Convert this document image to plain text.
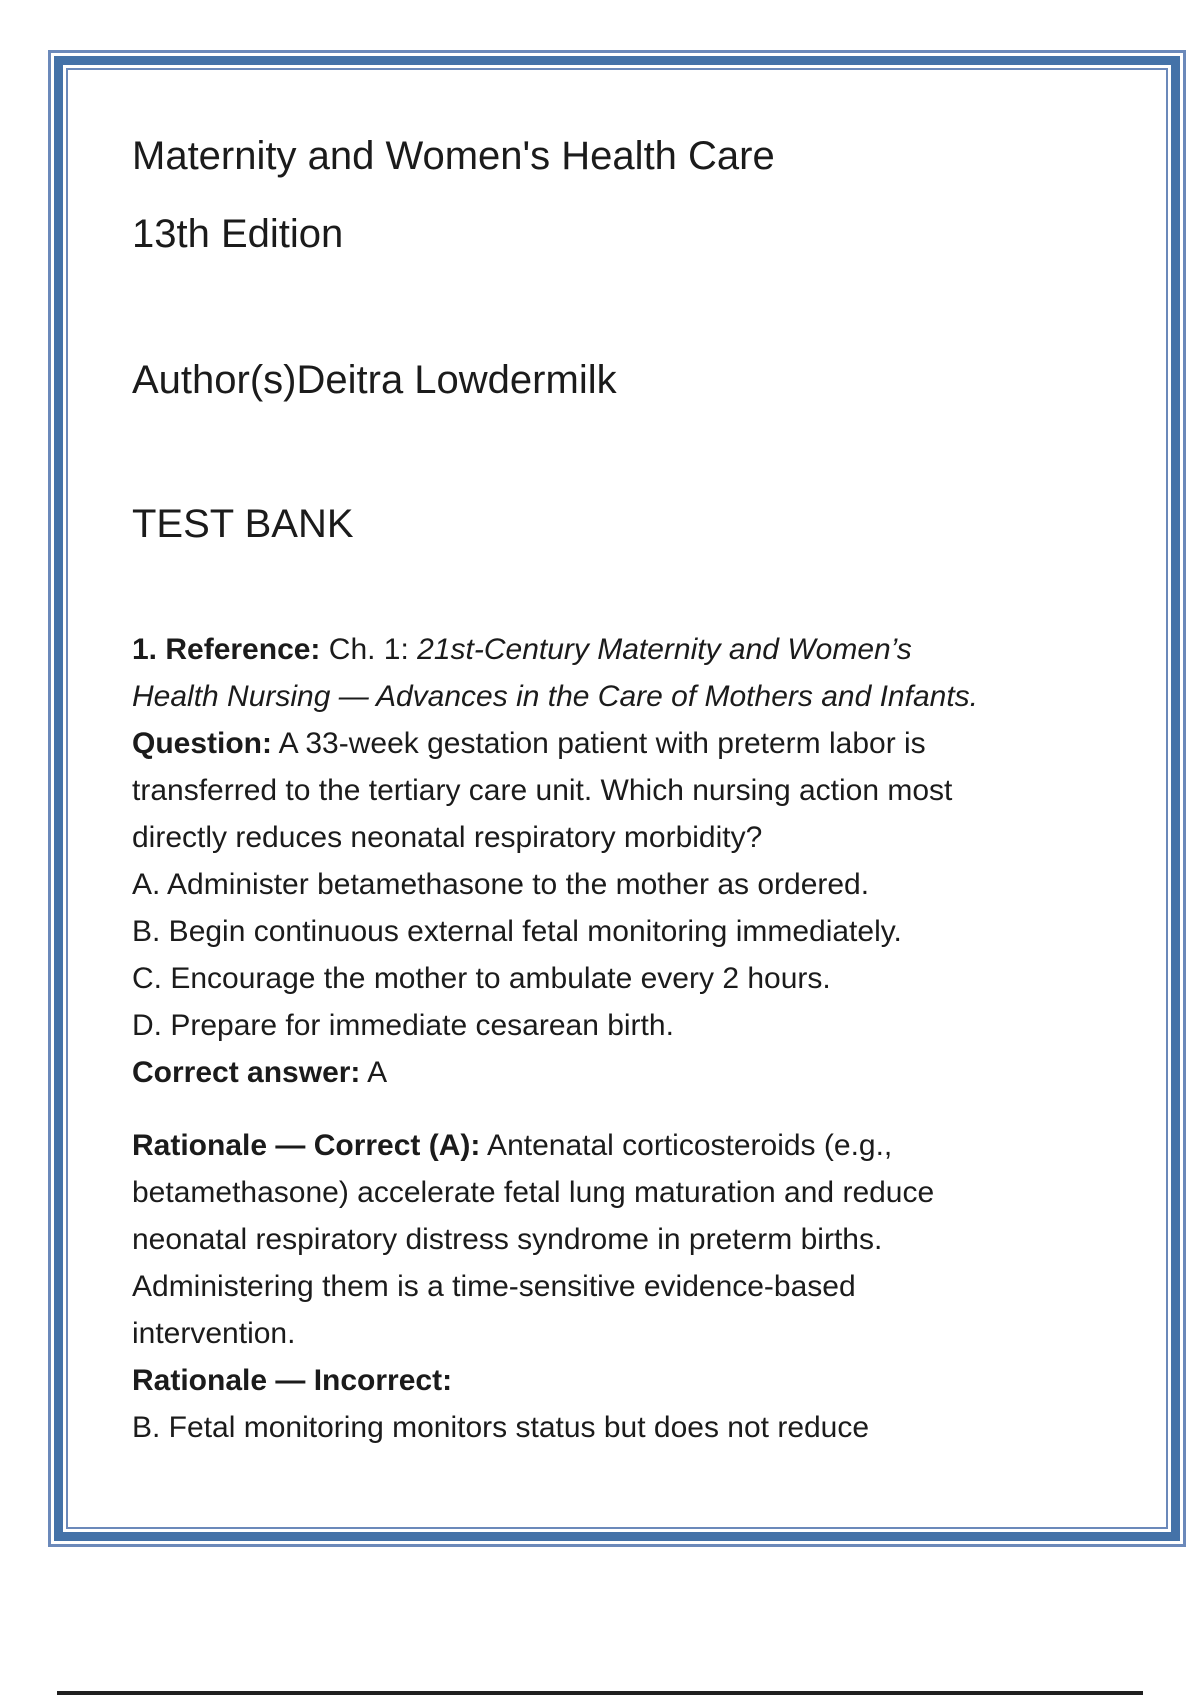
Maternity and Women's Health Care

13th Edition

Author(s)Deitra Lowdermilk

TEST BANK

1. Reference: Ch. 1: 21st-Century Maternity and Women’s
Health Nursing — Advances in the Care of Mothers and Infants.
Question: A 33-week gestation patient with preterm labor is
transferred to the tertiary care unit. Which nursing action most
directly reduces neonatal respiratory morbidity?
A. Administer betamethasone to the mother as ordered.
B. Begin continuous external fetal monitoring immediately.
C. Encourage the mother to ambulate every 2 hours.
D. Prepare for immediate cesarean birth.
Correct answer: A
Rationale — Correct (A): Antenatal corticosteroids (e.g.,
betamethasone) accelerate fetal lung maturation and reduce
neonatal respiratory distress syndrome in preterm births.
Administering them is a time-sensitive evidence-based
intervention.
Rationale — Incorrect:
B. Fetal monitoring monitors status but does not reduce
